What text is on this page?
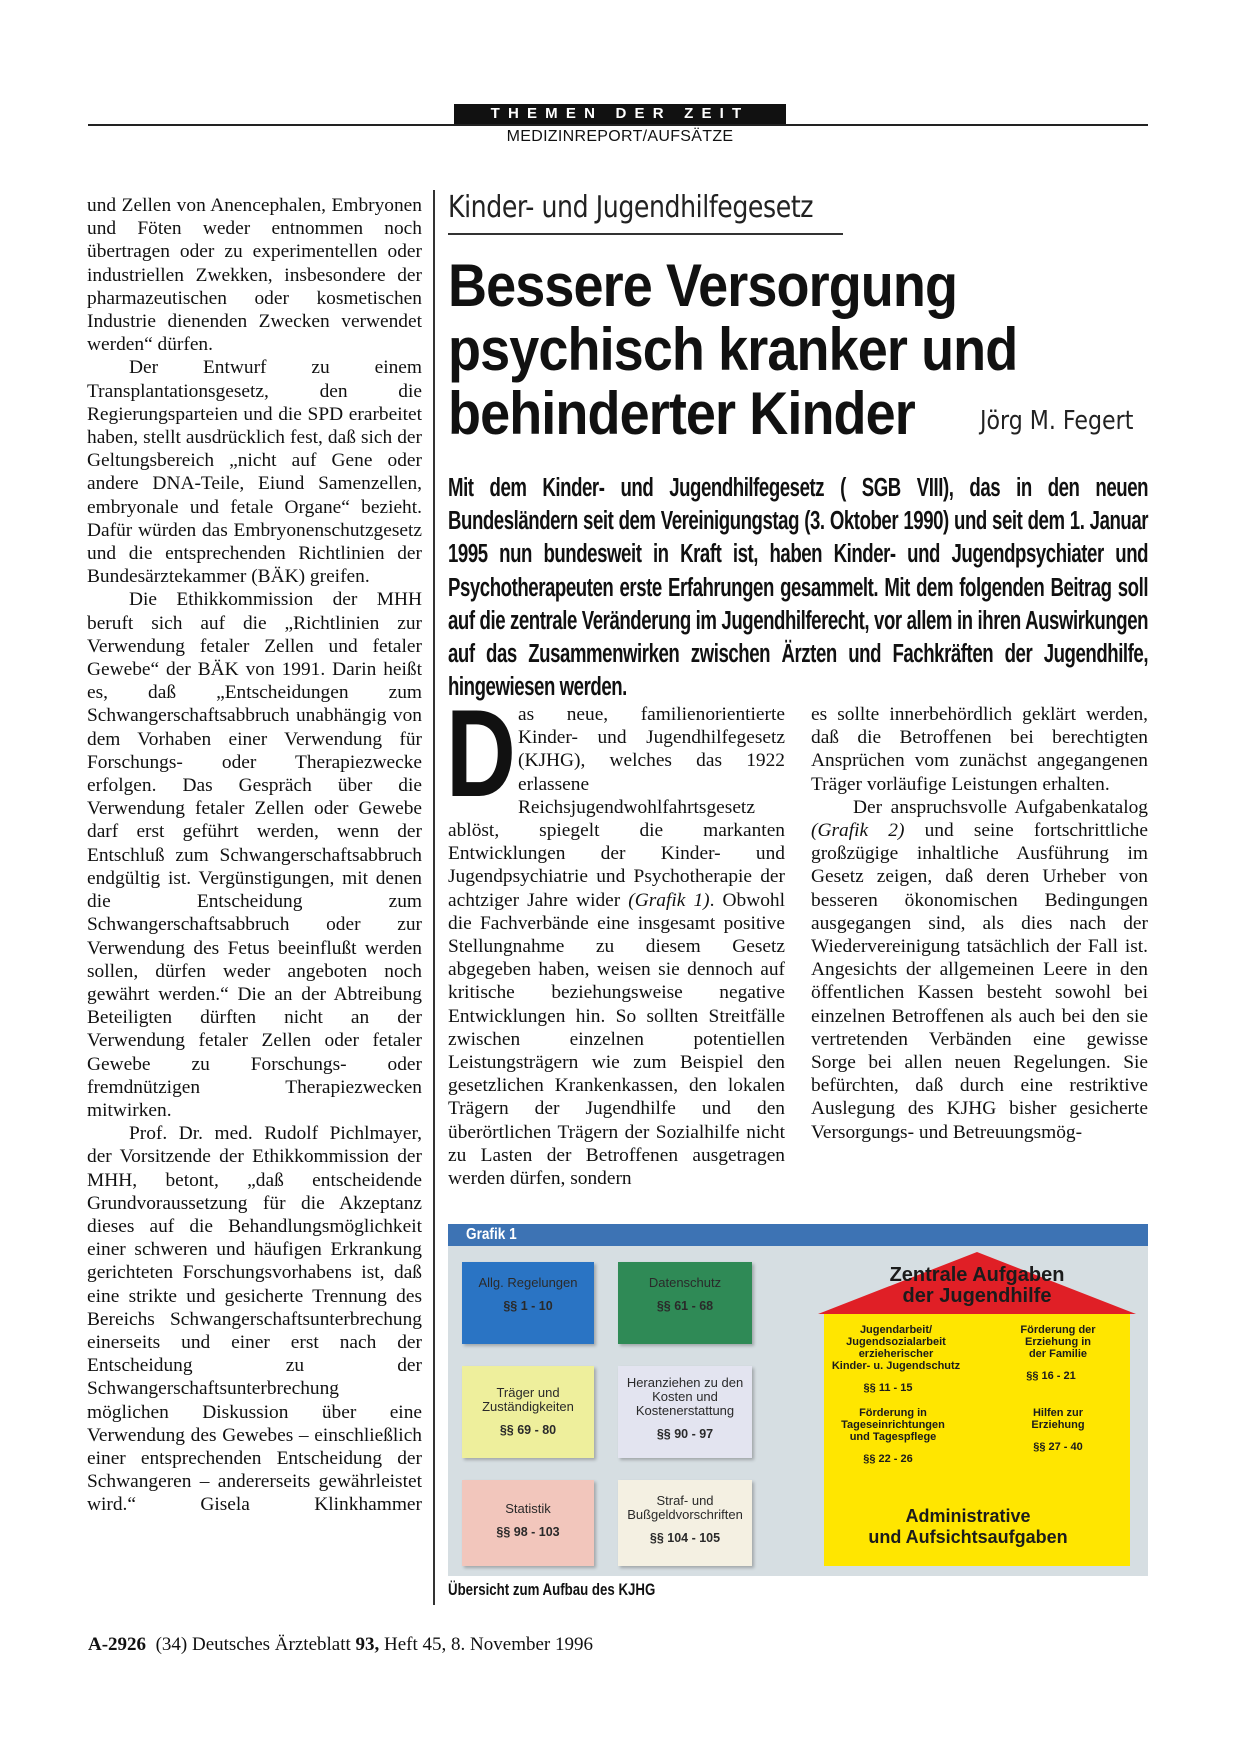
THEMEN DER ZEIT
MEDIZINREPORT/AUFSÄTZE

und Zellen von Anencephalen, Embryonen und Föten weder entnommen noch übertragen oder zu experimentellen oder industriellen Zwekken, insbesondere der pharmazeutischen oder kosmetischen Industrie dienenden Zwecken verwendet werden“ dürfen.

Der Entwurf zu einem Transplantationsgesetz, den die Regierungsparteien und die SPD erarbeitet haben, stellt ausdrücklich fest, daß sich der Geltungsbereich „nicht auf Gene oder andere DNA-Teile, Eiund Samenzellen, embryonale und fetale Organe“ bezieht. Dafür würden das Embryonenschutzgesetz und die entsprechenden Richtlinien der Bundesärztekammer (BÄK) greifen.

Die Ethikkommission der MHH beruft sich auf die „Richtlinien zur Verwendung fetaler Zellen und fetaler Gewebe“ der BÄK von 1991. Darin heißt es, daß „Entscheidungen zum Schwangerschaftsabbruch unabhängig von dem Vorhaben einer Verwendung für Forschungs- oder Therapiezwecke erfolgen. Das Gespräch über die Verwendung fetaler Zellen oder Gewebe darf erst geführt werden, wenn der Entschluß zum Schwangerschaftsabbruch endgültig ist. Vergünstigungen, mit denen die Entscheidung zum Schwangerschaftsabbruch oder zur Verwendung des Fetus beeinflußt werden sollen, dürfen weder angeboten noch gewährt werden.“ Die an der Abtreibung Beteiligten dürften nicht an der Verwendung fetaler Zellen oder fetaler Gewebe zu Forschungs- oder fremdnützigen Therapiezwecken mitwirken.

Prof. Dr. med. Rudolf Pichlmayer, der Vorsitzende der Ethikkommission der MHH, betont, „daß entscheidende Grundvoraussetzung für die Akzeptanz dieses auf die Behandlungsmöglichkeit einer schweren und häufigen Erkrankung gerichteten Forschungsvorhabens ist, daß eine strikte und gesicherte Trennung des Bereichs Schwangerschaftsunterbrechung einerseits und einer erst nach der Entscheidung zu der Schwangerschaftsunterbrechung möglichen Diskussion über eine Verwendung des Gewebes – einschließlich einer entsprechenden Entscheidung der Schwangeren – andererseits gewährleistet wird.“	Gisela Klinkhammer

Kinder- und Jugendhilfegesetz
Bessere Versorgung
psychisch kranker und
behinderter Kinder	Jörg M. Fegert
Mit dem Kinder- und Jugendhilfegesetz ( SGB VIII), das in den neuen Bundesländern seit dem Vereinigungstag (3. Oktober 1990) und seit dem 1. Januar 1995 nun bundesweit in Kraft ist, haben Kinder- und Jugendpsychiater und Psychotherapeuten erste Erfahrungen gesammelt. Mit dem folgenden Beitrag soll auf die zentrale Veränderung im Jugendhilferecht, vor allem in ihren Auswirkungen auf das Zusammenwirken zwischen Ärzten und Fachkräften der Jugendhilfe, hingewiesen werden.

Das neue, familienorientierte Kinder- und Jugendhilfegesetz (KJHG), welches das 1922 erlassene Reichsjugendwohlfahrtsgesetz ablöst, spiegelt die markanten Entwicklungen der Kinder- und Jugendpsychiatrie und Psychotherapie der achtziger Jahre wider (Grafik 1). Obwohl die Fachverbände eine insgesamt positive Stellungnahme zu diesem Gesetz abgegeben haben, weisen sie dennoch auf kritische beziehungsweise negative Entwicklungen hin. So sollten Streitfälle zwischen einzelnen potentiellen Leistungsträgern wie zum Beispiel den gesetzlichen Krankenkassen, den lokalen Trägern der Jugendhilfe und den überörtlichen Trägern der Sozialhilfe nicht zu Lasten der Betroffenen ausgetragen werden dürfen, sondern

es sollte innerbehördlich geklärt werden, daß die Betroffenen bei berechtigten Ansprüchen vom zunächst angegangenen Träger vorläufige Leistungen erhalten.

Der anspruchsvolle Aufgabenkatalog (Grafik 2) und seine fortschrittliche großzügige inhaltliche Ausführung im Gesetz zeigen, daß deren Urheber von besseren ökonomischen Bedingungen ausgegangen sind, als dies nach der Wiedervereinigung tatsächlich der Fall ist. Angesichts der allgemeinen Leere in den öffentlichen Kassen besteht sowohl bei einzelnen Betroffenen als auch bei den sie vertretenden Verbänden eine gewisse Sorge bei allen neuen Regelungen. Sie befürchten, daß durch eine restriktive Auslegung des KJHG bisher gesicherte Versorgungs- und Betreuungsmög-

Grafik 1
Allg. Regelungen
§§ 1 - 10
Datenschutz
§§ 61 - 68
Träger und Zuständigkeiten
§§ 69 - 80
Heranziehen zu den Kosten und Kostenerstattung
§§ 90 - 97
Statistik
§§ 98 - 103
Straf- und Bußgeldvorschriften
§§ 104 - 105
Zentrale Aufgaben
der Jugendhilfe
Jugendarbeit/
Jugendsozialarbeit
erzieherischer
Kinder- u. Jugendschutz
§§ 11 - 15
Förderung der
Erziehung in
der Familie
§§ 16 - 21
Förderung in
Tageseinrichtungen
und Tagespflege
§§ 22 - 26
Hilfen zur
Erziehung
§§ 27 - 40
Administrative
und Aufsichtsaufgaben
Übersicht zum Aufbau des KJHG
A-2926 (34) Deutsches Ärzteblatt 93, Heft 45, 8. November 1996
